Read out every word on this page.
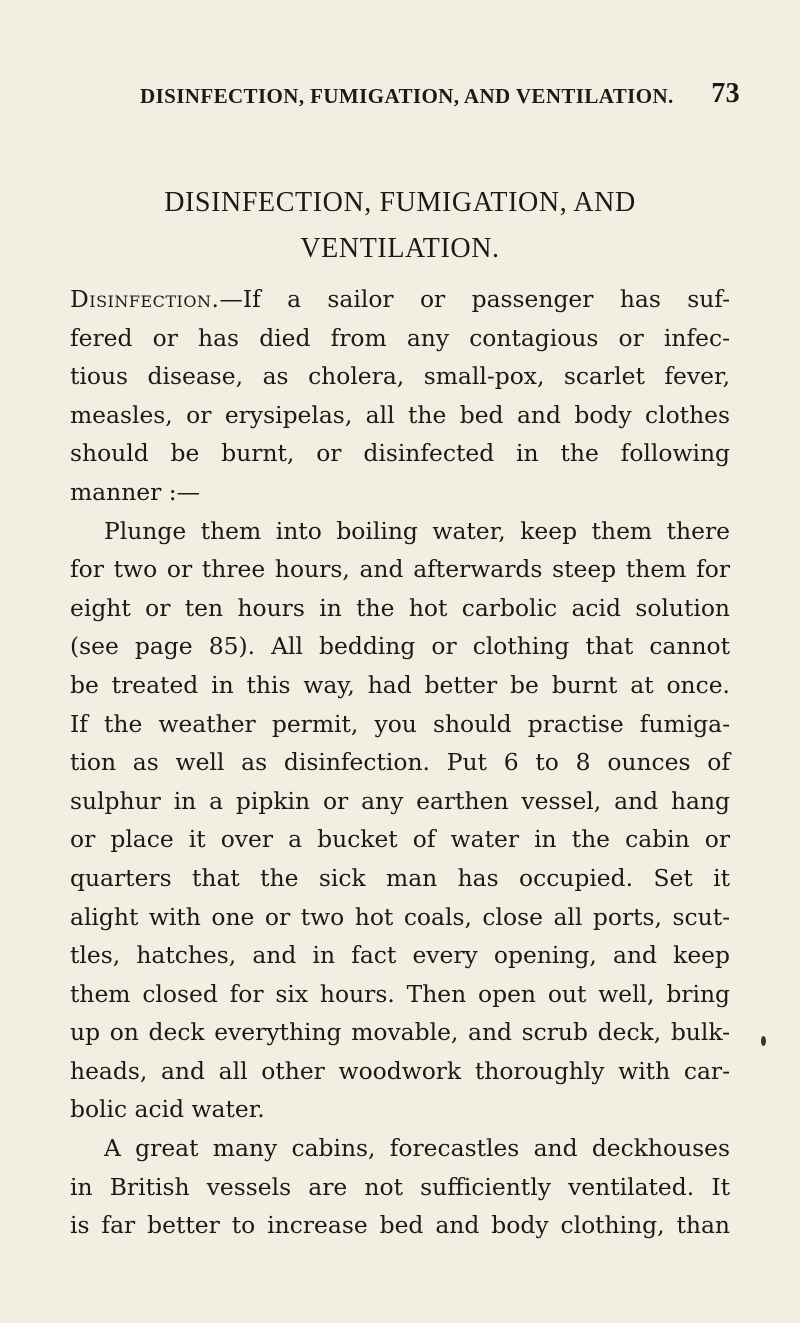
DISINFECTION, FUMIGATION, AND VENTILATION. 73
DISINFECTION, FUMIGATION, AND
VENTILATION.

Disinfection.—If a sailor or passenger has suf-
fered or has died from any contagious or infec-
tious disease, as cholera, small-pox, scarlet fever,
measles, or erysipelas, all the bed and body clothes
should be burnt, or disinfected in the following
manner :—

Plunge them into boiling water, keep them there
for two or three hours, and afterwards steep them for
eight or ten hours in the hot carbolic acid solution
(see page 85). All bedding or clothing that cannot
be treated in this way, had better be burnt at once.
If the weather permit, you should practise fumiga-
tion as well as disinfection. Put 6 to 8 ounces of
sulphur in a pipkin or any earthen vessel, and hang
or place it over a bucket of water in the cabin or
quarters that the sick man has occupied. Set it
alight with one or two hot coals, close all ports, scut-
tles, hatches, and in fact every opening, and keep
them closed for six hours. Then open out well, bring
up on deck everything movable, and scrub deck, bulk-
heads, and all other woodwork thoroughly with car-
bolic acid water.

A great many cabins, forecastles and deckhouses
in British vessels are not sufficiently ventilated. It
is far better to increase bed and body clothing, than
